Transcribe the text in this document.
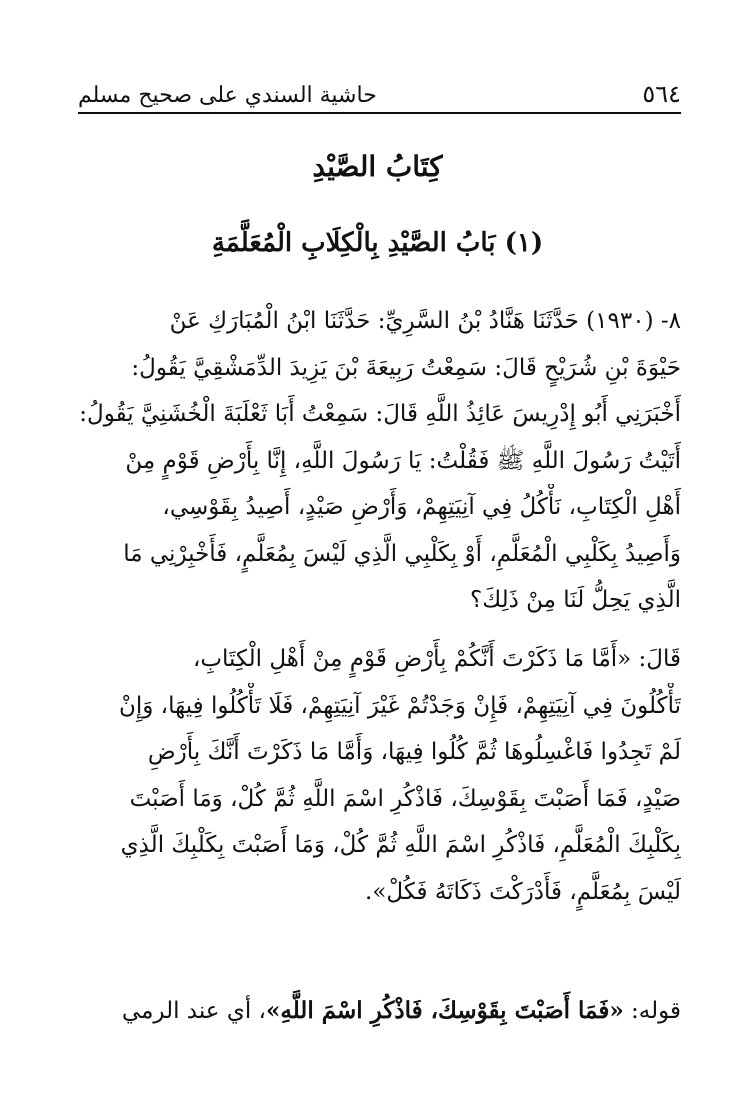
٥٦٤
حاشية السندي على صحيح مسلم
كِتَابُ الصَّيْدِ
(١) بَابُ الصَّيْدِ بِالْكِلَابِ الْمُعَلَّمَةِ
٨- (١٩٣٠) حَدَّثَنَا هَنَّادُ بْنُ السَّرِيِّ: حَدَّثَنَا ابْنُ الْمُبَارَكِ عَنْ
حَيْوَةَ بْنِ شُرَيْحٍ قَالَ: سَمِعْتُ رَبِيعَةَ بْنَ يَزِيدَ الدِّمَشْقِيَّ يَقُولُ:
أَخْبَرَنِي أَبُو إِدْرِيسَ عَائِذُ اللَّهِ قَالَ: سَمِعْتُ أَبَا ثَعْلَبَةَ الْخُشَنِيَّ يَقُولُ:
أَتَيْتُ رَسُولَ اللَّهِ ﷺ فَقُلْتُ: يَا رَسُولَ اللَّهِ، إِنَّا بِأَرْضِ قَوْمٍ مِنْ
أَهْلِ الْكِتَابِ، نَأْكُلُ فِي آنِيَتِهِمْ، وَأَرْضِ صَيْدٍ، أَصِيدُ بِقَوْسِي،
وَأَصِيدُ بِكَلْبِي الْمُعَلَّمِ، أَوْ بِكَلْبِي الَّذِي لَيْسَ بِمُعَلَّمٍ، فَأَخْبِرْنِي مَا
الَّذِي يَحِلُّ لَنَا مِنْ ذَلِكَ؟
قَالَ: «أَمَّا مَا ذَكَرْتَ أَنَّكُمْ بِأَرْضِ قَوْمٍ مِنْ أَهْلِ الْكِتَابِ،
تَأْكُلُونَ فِي آنِيَتِهِمْ، فَإِنْ وَجَدْتُمْ غَيْرَ آنِيَتِهِمْ، فَلَا تَأْكُلُوا فِيهَا، وَإِنْ
لَمْ تَجِدُوا فَاغْسِلُوهَا ثُمَّ كُلُوا فِيهَا، وَأَمَّا مَا ذَكَرْتَ أَنَّكَ بِأَرْضِ
صَيْدٍ، فَمَا أَصَبْتَ بِقَوْسِكَ، فَاذْكُرِ اسْمَ اللَّهِ ثُمَّ كُلْ، وَمَا أَصَبْتَ
بِكَلْبِكَ الْمُعَلَّمِ، فَاذْكُرِ اسْمَ اللَّهِ ثُمَّ كُلْ، وَمَا أَصَبْتَ بِكَلْبِكَ الَّذِي
لَيْسَ بِمُعَلَّمٍ، فَأَدْرَكْتَ ذَكَاتَهُ فَكُلْ».
قوله: «فَمَا أَصَبْتَ بِقَوْسِكَ، فَاذْكُرِ اسْمَ اللَّهِ»، أي عند الرمي
